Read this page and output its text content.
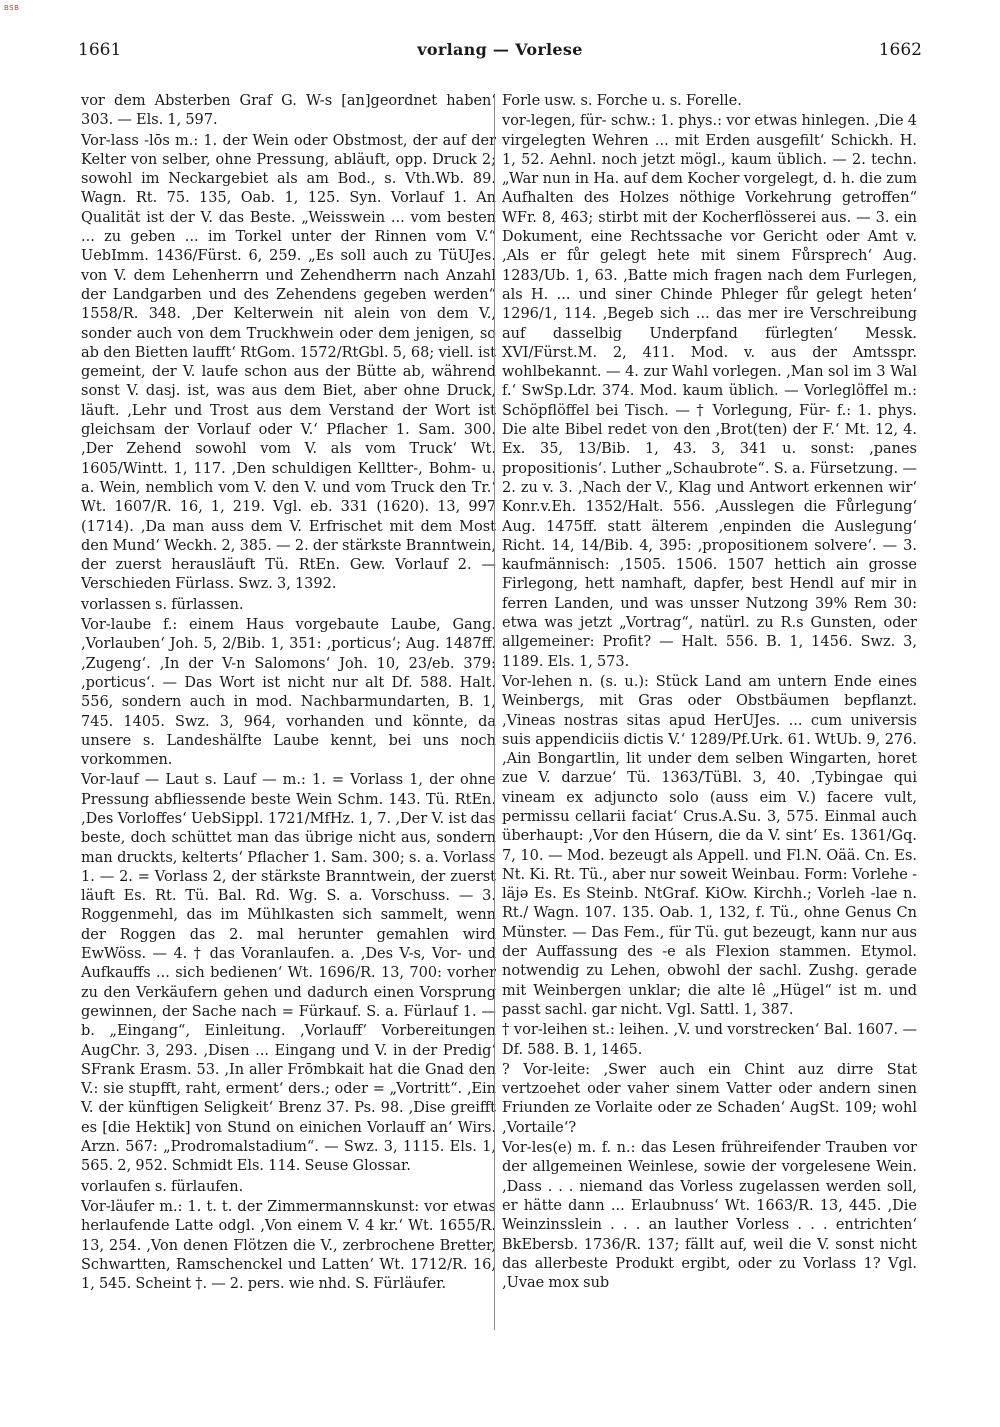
BSB
1661	vorlang — Vorlese	1662

vor dem Absterben Graf G. W-s [an]geordnet haben‘ 303. — Els. 1, 597.

Vor-lass -lōs m.: 1. der Wein oder Obstmost, der auf der Kelter von selber, ohne Pressung, abläuft, opp. Druck 2; sowohl im Neckargebiet als am Bod., s. Vth.Wb. 89. Wagn. Rt. 75. 135, Oab. 1, 125. Syn. Vorlauf 1. An Qualität ist der V. das Beste. „Weisswein ... vom besten ... zu geben ... im Torkel unter der Rinnen vom V.“ UebImm. 1436/Fürst. 6, 259. „Es soll auch zu TüUJes. von V. dem Lehenherrn und Zehendherrn nach Anzahl der Landgarben und des Zehendens gegeben werden“ 1558/R. 348. ‚Der Kelterwein nit alein von dem V., sonder auch von dem Truckhwein oder dem jenigen, so ab den Bietten laufft‘ RtGom. 1572/RtGbl. 5, 68; viell. ist gemeint, der V. laufe schon aus der Bütte ab, während sonst V. dasj. ist, was aus dem Biet, aber ohne Druck, läuft. ‚Lehr und Trost aus dem Verstand der Wort ist gleichsam der Vorlauf oder V.‘ Pflacher 1. Sam. 300. ‚Der Zehend sowohl vom V. als vom Truck‘ Wt. 1605/Wintt. 1, 117. ‚Den schuldigen Kelltter-, Bohm- u. a. Wein, nemblich vom V. den V. und vom Truck den Tr.‘ Wt. 1607/R. 16, 1, 219. Vgl. eb. 331 (1620). 13, 997 (1714). ‚Da man auss dem V. Erfrischet mit dem Most den Mund‘ Weckh. 2, 385. — 2. der stärkste Branntwein, der zuerst herausläuft Tü. RtEn. Gew. Vorlauf 2. — Verschieden Fürlass. Swz. 3, 1392.

vorlassen s. fürlassen.

Vor-laube f.: einem Haus vorgebaute Laube, Gang. ‚Vorlauben‘ Joh. 5, 2/Bib. 1, 351: ‚porticus‘; Aug. 1487ff. ‚Zugeng‘. ‚In der V-n Salomons‘ Joh. 10, 23/eb. 379: ‚porticus‘. — Das Wort ist nicht nur alt Df. 588. Halt. 556, sondern auch in mod. Nachbarmundarten, B. 1, 745. 1405. Swz. 3, 964, vorhanden und könnte, da unsere s. Landeshälfte Laube kennt, bei uns noch vorkommen.

Vor-lauf — Laut s. Lauf — m.: 1. = Vorlass 1, der ohne Pressung abfliessende beste Wein Schm. 143. Tü. RtEn. ‚Des Vorloffes‘ UebSippl. 1721/MfHz. 1, 7. ‚Der V. ist das beste, doch schüttet man das übrige nicht aus, sondern man druckts, kelterts‘ Pflacher 1. Sam. 300; s. a. Vorlass 1. — 2. = Vorlass 2, der stärkste Branntwein, der zuerst läuft Es. Rt. Tü. Bal. Rd. Wg. S. a. Vorschuss. — 3. Roggenmehl, das im Mühlkasten sich sammelt, wenn der Roggen das 2. mal herunter gemahlen wird EwWöss. — 4. † das Voranlaufen. a. ‚Des V-s, Vor- und Aufkauffs ... sich bedienen‘ Wt. 1696/R. 13, 700: vorher zu den Verkäufern gehen und dadurch einen Vorsprung gewinnen, der Sache nach = Fürkauf. S. a. Fürlauf 1. — b. „Eingang“, Einleitung. ‚Vorlauff‘ Vorbereitungen AugChr. 3, 293. ‚Disen ... Eingang und V. in der Predig‘ SFrank Erasm. 53. ‚In aller Frōmbkait hat die Gnad den V.: sie stupfft, raht, erment‘ ders.; oder = „Vortritt“. ‚Ein V. der künftigen Seligkeit‘ Brenz 37. Ps. 98. ‚Dise greifft es [die Hektik] von Stund on einichen Vorlauff an‘ Wirs. Arzn. 567: „Prodromalstadium“. — Swz. 3, 1115. Els. 1, 565. 2, 952. Schmidt Els. 114. Seuse Glossar.

vorlaufen s. fürlaufen.

Vor-läufer m.: 1. t. t. der Zimmermannskunst: vor etwas herlaufende Latte odgl. ‚Von einem V. 4 kr.‘ Wt. 1655/R. 13, 254. ‚Von denen Flötzen die V., zerbrochene Bretter, Schwartten, Ramschenckel und Latten‘ Wt. 1712/R. 16, 1, 545. Scheint †. — 2. pers. wie nhd. S. Fürläufer.

Forle usw. s. Forche u. s. Forelle.

vor-legen, für- schw.: 1. phys.: vor etwas hinlegen. ‚Die 4 virgelegten Wehren ... mit Erden ausgefilt‘ Schickh. H. 1, 52. Aehnl. noch jetzt mögl., kaum üblich. — 2. techn. „War nun in Ha. auf dem Kocher vorgelegt, d. h. die zum Aufhalten des Holzes nöthige Vorkehrung getroffen“ WFr. 8, 463; stirbt mit der Kocherflösserei aus. — 3. ein Dokument, eine Rechtssache vor Gericht oder Amt v. ‚Als er fůr gelegt hete mit sinem Fůrsprech‘ Aug. 1283/Ub. 1, 63. ‚Batte mich fragen nach dem Furlegen, als H. ... und siner Chinde Phleger fůr gelegt heten‘ 1296/1, 114. ‚Begeb sich ... das mer ire Verschreibung auf dasselbig Underpfand fürlegten‘ Messk. XVI/Fürst.M. 2, 411. Mod. v. aus der Amtsspr. wohlbekannt. — 4. zur Wahl vorlegen. ‚Man sol im 3 Wal f.‘ SwSp.Ldr. 374. Mod. kaum üblich. — Vorleglöffel m.: Schöpflöffel bei Tisch. — † Vorlegung, Für- f.: 1. phys. Die alte Bibel redet von den ‚Brot(ten) der F.‘ Mt. 12, 4. Ex. 35, 13/Bib. 1, 43. 3, 341 u. sonst: ‚panes propositionis‘. Luther „Schaubrote“. S. a. Fürsetzung. — 2. zu v. 3. ‚Nach der V., Klag und Antwort erkennen wir‘ Konr.v.Eh. 1352/Halt. 556. ‚Ausslegen die Fůrlegung‘ Aug. 1475ff. statt älterem ‚enpinden die Auslegung‘ Richt. 14, 14/Bib. 4, 395: ‚propositionem solvere‘. — 3. kaufmännisch: ‚1505. 1506. 1507 hettich ain grosse Firlegong, hett namhaft, dapfer, best Hendl auf mir in ferren Landen, und was unsser Nutzong 39% Rem 30: etwa was jetzt „Vortrag“, natürl. zu R.s Gunsten, oder allgemeiner: Profit? — Halt. 556. B. 1, 1456. Swz. 3, 1189. Els. 1, 573.

Vor-lehen n. (s. u.): Stück Land am untern Ende eines Weinbergs, mit Gras oder Obstbäumen bepflanzt. ‚Vineas nostras sitas apud HerUJes. ... cum universis suis appendiciis dictis V.‘ 1289/Pf.Urk. 61. WtUb. 9, 276. ‚Ain Bongartlin, lit under dem selben Wingarten, horet zue V. darzue‘ Tü. 1363/TüBl. 3, 40. ‚Tybingae qui vineam ex adjuncto solo (auss eim V.) facere vult, permissu cellarii faciat‘ Crus.A.Su. 3, 575. Einmal auch überhaupt: ‚Vor den Húsern, die da V. sint‘ Es. 1361/Gq. 7, 10. — Mod. bezeugt als Appell. und Fl.N. Oää. Cn. Es. Nt. Ki. Rt. Tü., aber nur soweit Weinbau. Form: Vorlehe -läjə Es. Es Steinb. NtGraf. KiOw. Kirchh.; Vorleh -lae n. Rt./ Wagn. 107. 135. Oab. 1, 132, f. Tü., ohne Genus Cn Münster. — Das Fem., für Tü. gut bezeugt, kann nur aus der Auffassung des -e als Flexion stammen. Etymol. notwendig zu Lehen, obwohl der sachl. Zushg. gerade mit Weinbergen unklar; die alte lê „Hügel“ ist m. und passt sachl. gar nicht. Vgl. Sattl. 1, 387.

† vor-leihen st.: leihen. ‚V. und vorstrecken‘ Bal. 1607. — Df. 588. B. 1, 1465.

? Vor-leite: ‚Swer auch ein Chint auz dirre Stat vertzoehet oder vaher sinem Vatter oder andern sinen Friunden ze Vorlaite oder ze Schaden‘ AugSt. 109; wohl ‚Vortaile‘?

Vor-les(e) m. f. n.: das Lesen frühreifender Trauben vor der allgemeinen Weinlese, sowie der vorgelesene Wein. ‚Dass . . . niemand das Vorless zugelassen werden soll, er hätte dann ... Erlaubnuss‘ Wt. 1663/R. 13, 445. ‚Die Weinzinsslein . . . an lauther Vorless . . . entrichten‘ BkEbersb. 1736/R. 137; fällt auf, weil die V. sonst nicht das allerbeste Produkt ergibt, oder zu Vorlass 1? Vgl. ‚Uvae mox sub
